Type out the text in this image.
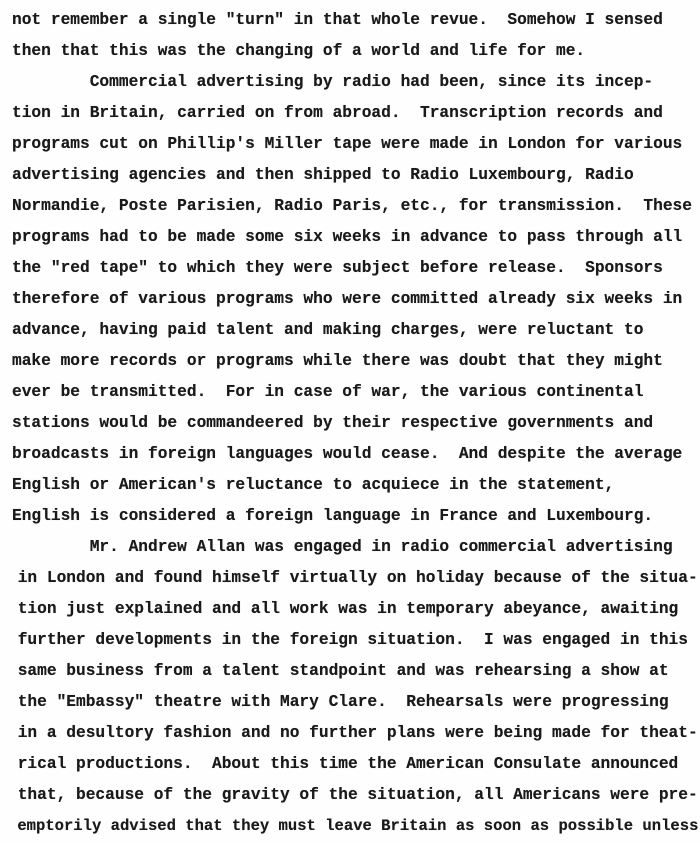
not remember a single "turn" in that whole revue.  Somehow I sensed
then that this was the changing of a world and life for me.
Commercial advertising by radio had been, since its incep-
tion in Britain, carried on from abroad.  Transcription records and
programs cut on Phillip's Miller tape were made in London for various
advertising agencies and then shipped to Radio Luxembourg, Radio
Normandie, Poste Parisien, Radio Paris, etc., for transmission.  These
programs had to be made some six weeks in advance to pass through all
the "red tape" to which they were subject before release.  Sponsors
therefore of various programs who were committed already six weeks in
advance, having paid talent and making charges, were reluctant to
make more records or programs while there was doubt that they might
ever be transmitted.  For in case of war, the various continental
stations would be commandeered by their respective governments and
broadcasts in foreign languages would cease.  And despite the average
English or American's reluctance to acquiece in the statement,
English is considered a foreign language in France and Luxembourg.
Mr. Andrew Allan was engaged in radio commercial advertising
in London and found himself virtually on holiday because of the situa-
tion just explained and all work was in temporary abeyance, awaiting
further developments in the foreign situation.  I was engaged in this
same business from a talent standpoint and was rehearsing a show at
the "Embassy" theatre with Mary Clare.  Rehearsals were progressing
in a desultory fashion and no further plans were being made for theat-
rical productions.  About this time the American Consulate announced
that, because of the gravity of the situation, all Americans were pre-
emptorily advised that they must leave Britain as soon as possible unless
